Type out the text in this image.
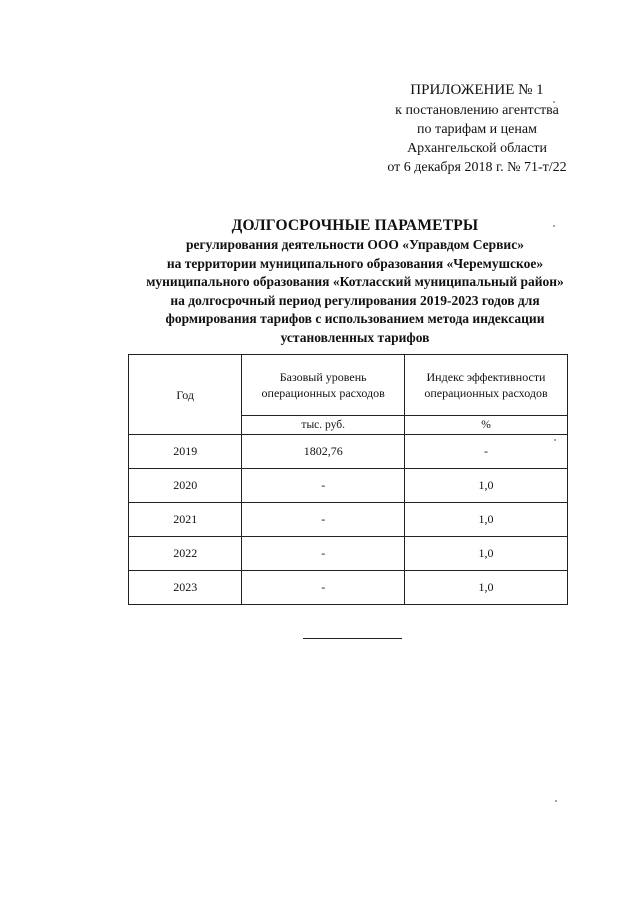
ПРИЛОЖЕНИЕ № 1
к постановлению агентства
по тарифам и ценам
Архангельской области
от 6 декабря 2018 г. № 71-т/22
ДОЛГОСРОЧНЫЕ ПАРАМЕТРЫ
регулирования деятельности ООО «Управдом Сервис»
на территории муниципального образования «Черемушское»
муниципального образования «Котласский муниципальный район»
на долгосрочный период регулирования 2019-2023 годов для
формирования тарифов с использованием метода индексации
установленных тарифов
Год	Базовый уровень операционных расходов	Индекс эффективности операционных расходов
	тыс. руб.	%
2019	1802,76	-
2020	-	1,0
2021	-	1,0
2022	-	1,0
2023	-	1,0
